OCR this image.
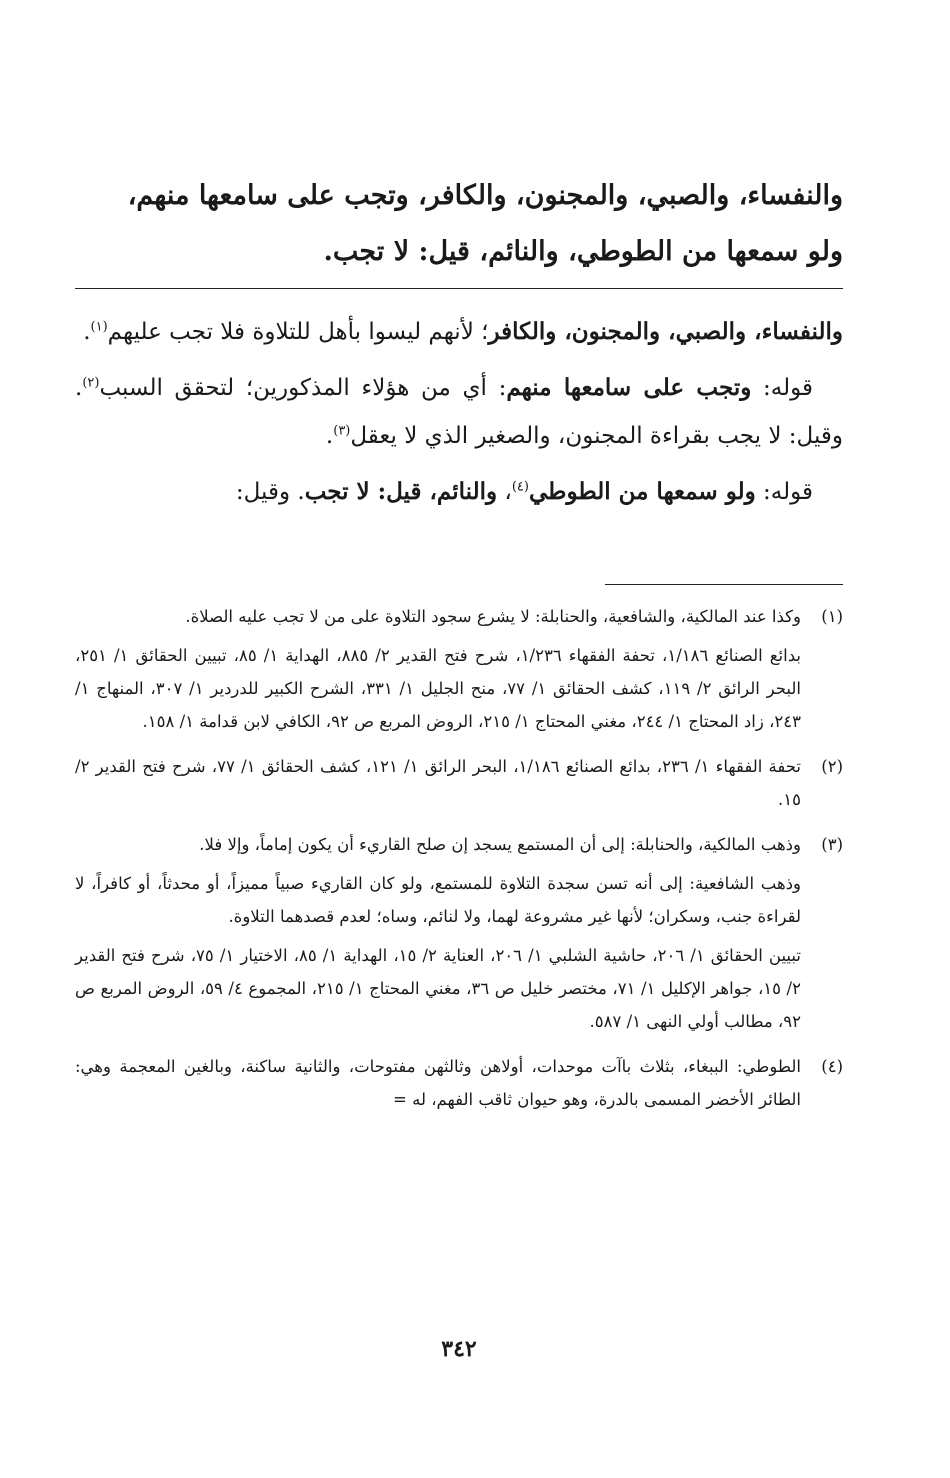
والنفساء، والصبي، والمجنون، والكافر، وتجب على سامعها منهم،
ولو سمعها من الطوطي، والنائم، قيل: لا تجب.

والنفساء، والصبي، والمجنون، والكافر؛ لأنهم ليسوا بأهل للتلاوة فلا تجب عليهم$^{(١)}$.

قوله: وتجب على سامعها منهم: أي من هؤلاء المذكورين؛ لتحقق السبب$^{(٢)}$. وقيل: لا يجب بقراءة المجنون، والصغير الذي لا يعقل$^{(٣)}$.

قوله: ولو سمعها من الطوطي$^{(٤)}$، والنائم، قيل: لا تجب. وقيل:

(١)

وكذا عند المالكية، والشافعية، والحنابلة: لا يشرع سجود التلاوة على من لا تجب عليه الصلاة.

بدائع الصنائع ١/١٨٦، تحفة الفقهاء ١/٢٣٦، شرح فتح القدير ٢/ ٨٨٥، الهداية ١/ ٨٥، تبيين الحقائق ١/ ٢٥١، البحر الرائق ٢/ ١١٩، كشف الحقائق ١/ ٧٧، منح الجليل ١/ ٣٣١، الشرح الكبير للدردير ١/ ٣٠٧، المنهاج ١/ ٢٤٣، زاد المحتاج ١/ ٢٤٤، مغني المحتاج ١/ ٢١٥، الروض المربع ص ٩٢، الكافي لابن قدامة ١/ ١٥٨.

(٢)

تحفة الفقهاء ١/ ٢٣٦، بدائع الصنائع ١/١٨٦، البحر الرائق ١/ ١٢١، كشف الحقائق ١/ ٧٧، شرح فتح القدير ٢/ ١٥.

(٣)

وذهب المالكية، والحنابلة: إلى أن المستمع يسجد إن صلح القاريء أن يكون إماماً، وإلا فلا.

وذهب الشافعية: إلى أنه تسن سجدة التلاوة للمستمع، ولو كان القاريء صبياً مميزاً، أو محدثاً، أو كافراً، لا لقراءة جنب، وسكران؛ لأنها غير مشروعة لهما، ولا لنائم، وساه؛ لعدم قصدهما التلاوة.

تبيين الحقائق ١/ ٢٠٦، حاشية الشلبي ١/ ٢٠٦، العناية ٢/ ١٥، الهداية ١/ ٨٥، الاختيار ١/ ٧٥، شرح فتح القدير ٢/ ١٥، جواهر الإكليل ١/ ٧١، مختصر خليل ص ٣٦، مغني المحتاج ١/ ٢١٥، المجموع ٤/ ٥٩، الروض المربع ص ٩٢، مطالب أولي النهى ١/ ٥٨٧.

(٤)

الطوطي: الببغاء، بثلاث باآت موحدات، أولاهن وثالثهن مفتوحات، والثانية ساكنة، وبالغين المعجمة وهي: الطائر الأخضر المسمى بالدرة، وهو حيوان ثاقب الفهم، له =

٣٤٢
